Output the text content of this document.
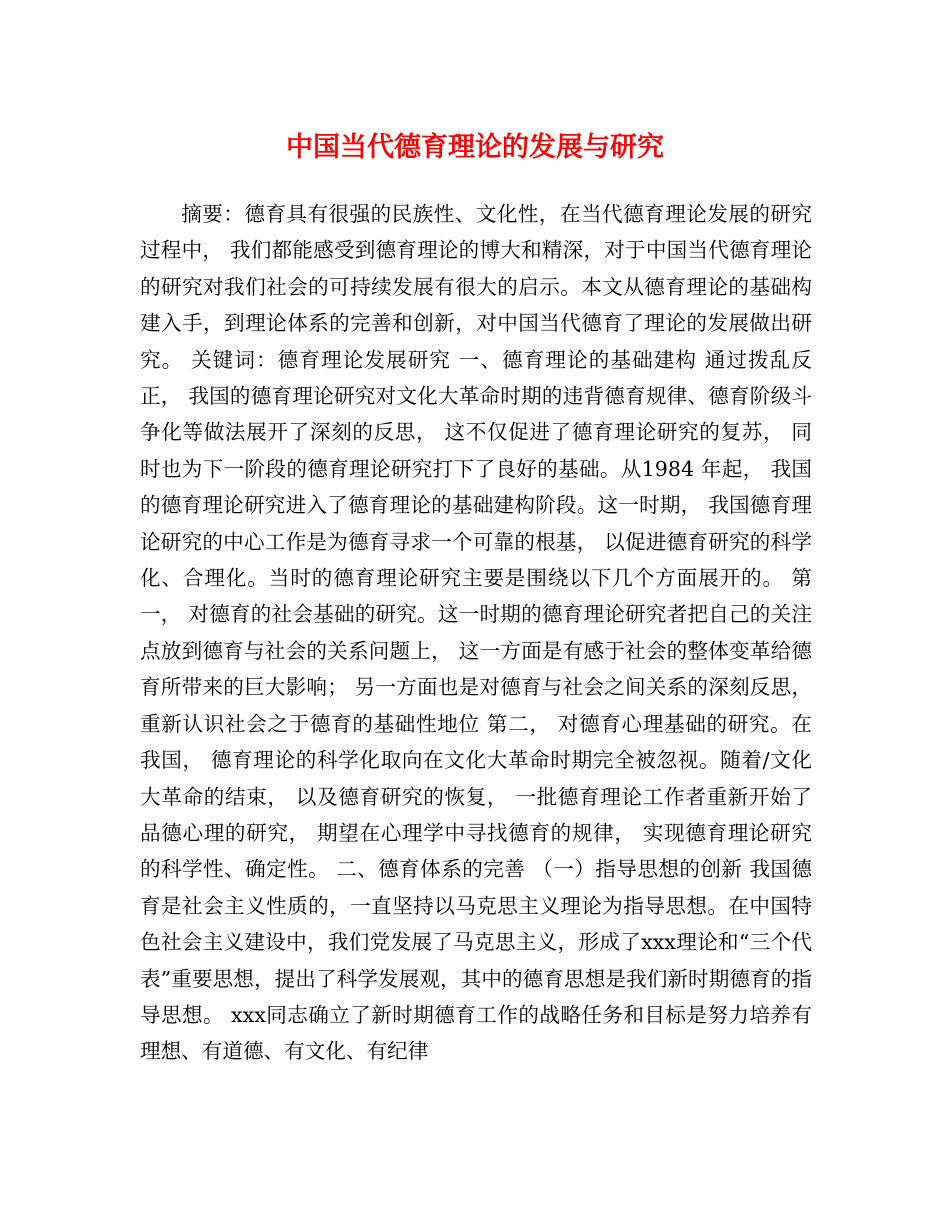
中国当代德育理论的发展与研究

摘要：德育具有很强的民族性、文化性，在当代德育理论发展的研究过程中， 我们都能感受到德育理论的博大和精深，对于中国当代德育理论的研究对我们社会的可持续发展有很大的启示。本文从德育理论的基础构建入手，到理论体系的完善和创新，对中国当代德育了理论的发展做出研究。 关键词：德育理论发展研究 一、德育理论的基础建构 通过拨乱反正， 我国的德育理论研究对文化大革命时期的违背德育规律、德育阶级斗争化等做法展开了深刻的反思， 这不仅促进了德育理论研究的复苏， 同时也为下一阶段的德育理论研究打下了良好的基础。从1984 年起， 我国的德育理论研究进入了德育理论的基础建构阶段。这一时期， 我国德育理论研究的中心工作是为德育寻求一个可靠的根基， 以促进德育研究的科学化、合理化。当时的德育理论研究主要是围绕以下几个方面展开的。 第一， 对德育的社会基础的研究。这一时期的德育理论研究者把自己的关注点放到德育与社会的关系问题上， 这一方面是有感于社会的整体变革给德育所带来的巨大影响； 另一方面也是对德育与社会之间关系的深刻反思， 重新认识社会之于德育的基础性地位 第二， 对德育心理基础的研究。在我国， 德育理论的科学化取向在文化大革命时期完全被忽视。随着/文化大革命的结束， 以及德育研究的恢复， 一批德育理论工作者重新开始了品德心理的研究， 期望在心理学中寻找德育的规律， 实现德育理论研究的科学性、确定性。 二、德育体系的完善 （一）指导思想的创新 我国德育是社会主义性质的，一直坚持以马克思主义理论为指导思想。在中国特色社会主义建设中，我们党发展了马克思主义，形成了xxx理论和“三个代表”重要思想，提出了科学发展观，其中的德育思想是我们新时期德育的指导思想。 xxx同志确立了新时期德育工作的战略任务和目标是努力培养有理想、有道德、有文化、有纪律
